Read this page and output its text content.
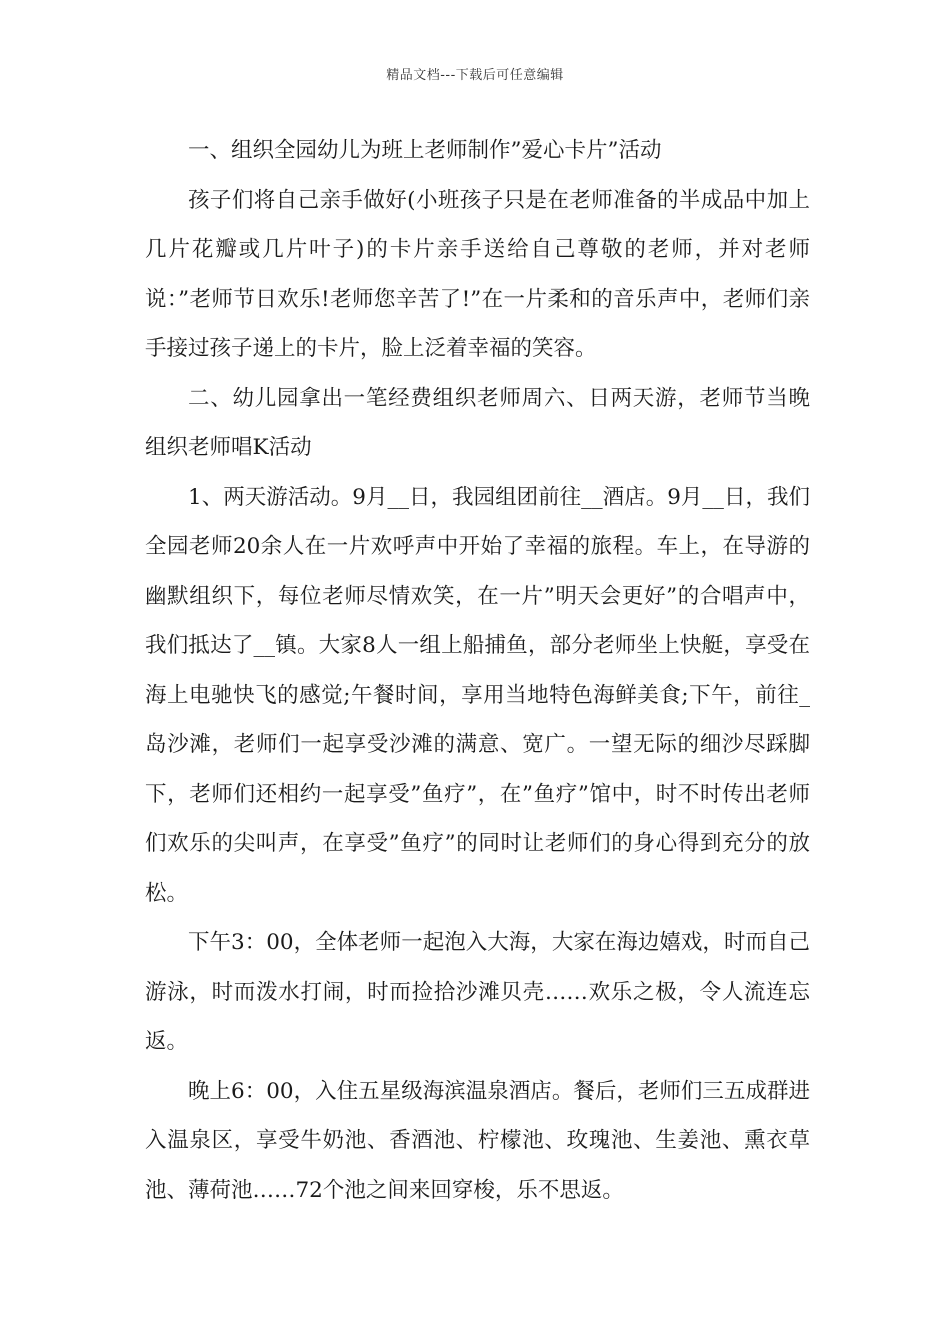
精品文档---下载后可任意编辑

一、组织全园幼儿为班上老师制作”爱心卡片”活动

孩子们将自己亲手做好(小班孩子只是在老师准备的半成品中加上几片花瓣或几片叶子)的卡片亲手送给自己尊敬的老师，并对老师说：”老师节日欢乐!老师您辛苦了!”在一片柔和的音乐声中，老师们亲手接过孩子递上的卡片，脸上泛着幸福的笑容。

二、幼儿园拿出一笔经费组织老师周六、日两天游，老师节当晚组织老师唱K活动

1、两天游活动。9月__日，我园组团前往__酒店。9月__日，我们全园老师20余人在一片欢呼声中开始了幸福的旅程。车上，在导游的幽默组织下，每位老师尽情欢笑，在一片”明天会更好”的合唱声中，我们抵达了__镇。大家8人一组上船捕鱼，部分老师坐上快艇，享受在海上电驰快飞的感觉;午餐时间，享用当地特色海鲜美食;下午，前往_岛沙滩，老师们一起享受沙滩的满意、宽广。一望无际的细沙尽踩脚下，老师们还相约一起享受”鱼疗”，在”鱼疗”馆中，时不时传出老师们欢乐的尖叫声，在享受”鱼疗”的同时让老师们的身心得到充分的放松。

下午3：00，全体老师一起泡入大海，大家在海边嬉戏，时而自己游泳，时而泼水打闹，时而捡拾沙滩贝壳……欢乐之极，令人流连忘返。

晚上6：00，入住五星级海滨温泉酒店。餐后，老师们三五成群进入温泉区，享受牛奶池、香酒池、柠檬池、玫瑰池、生姜池、熏衣草池、薄荷池……72个池之间来回穿梭，乐不思返。
